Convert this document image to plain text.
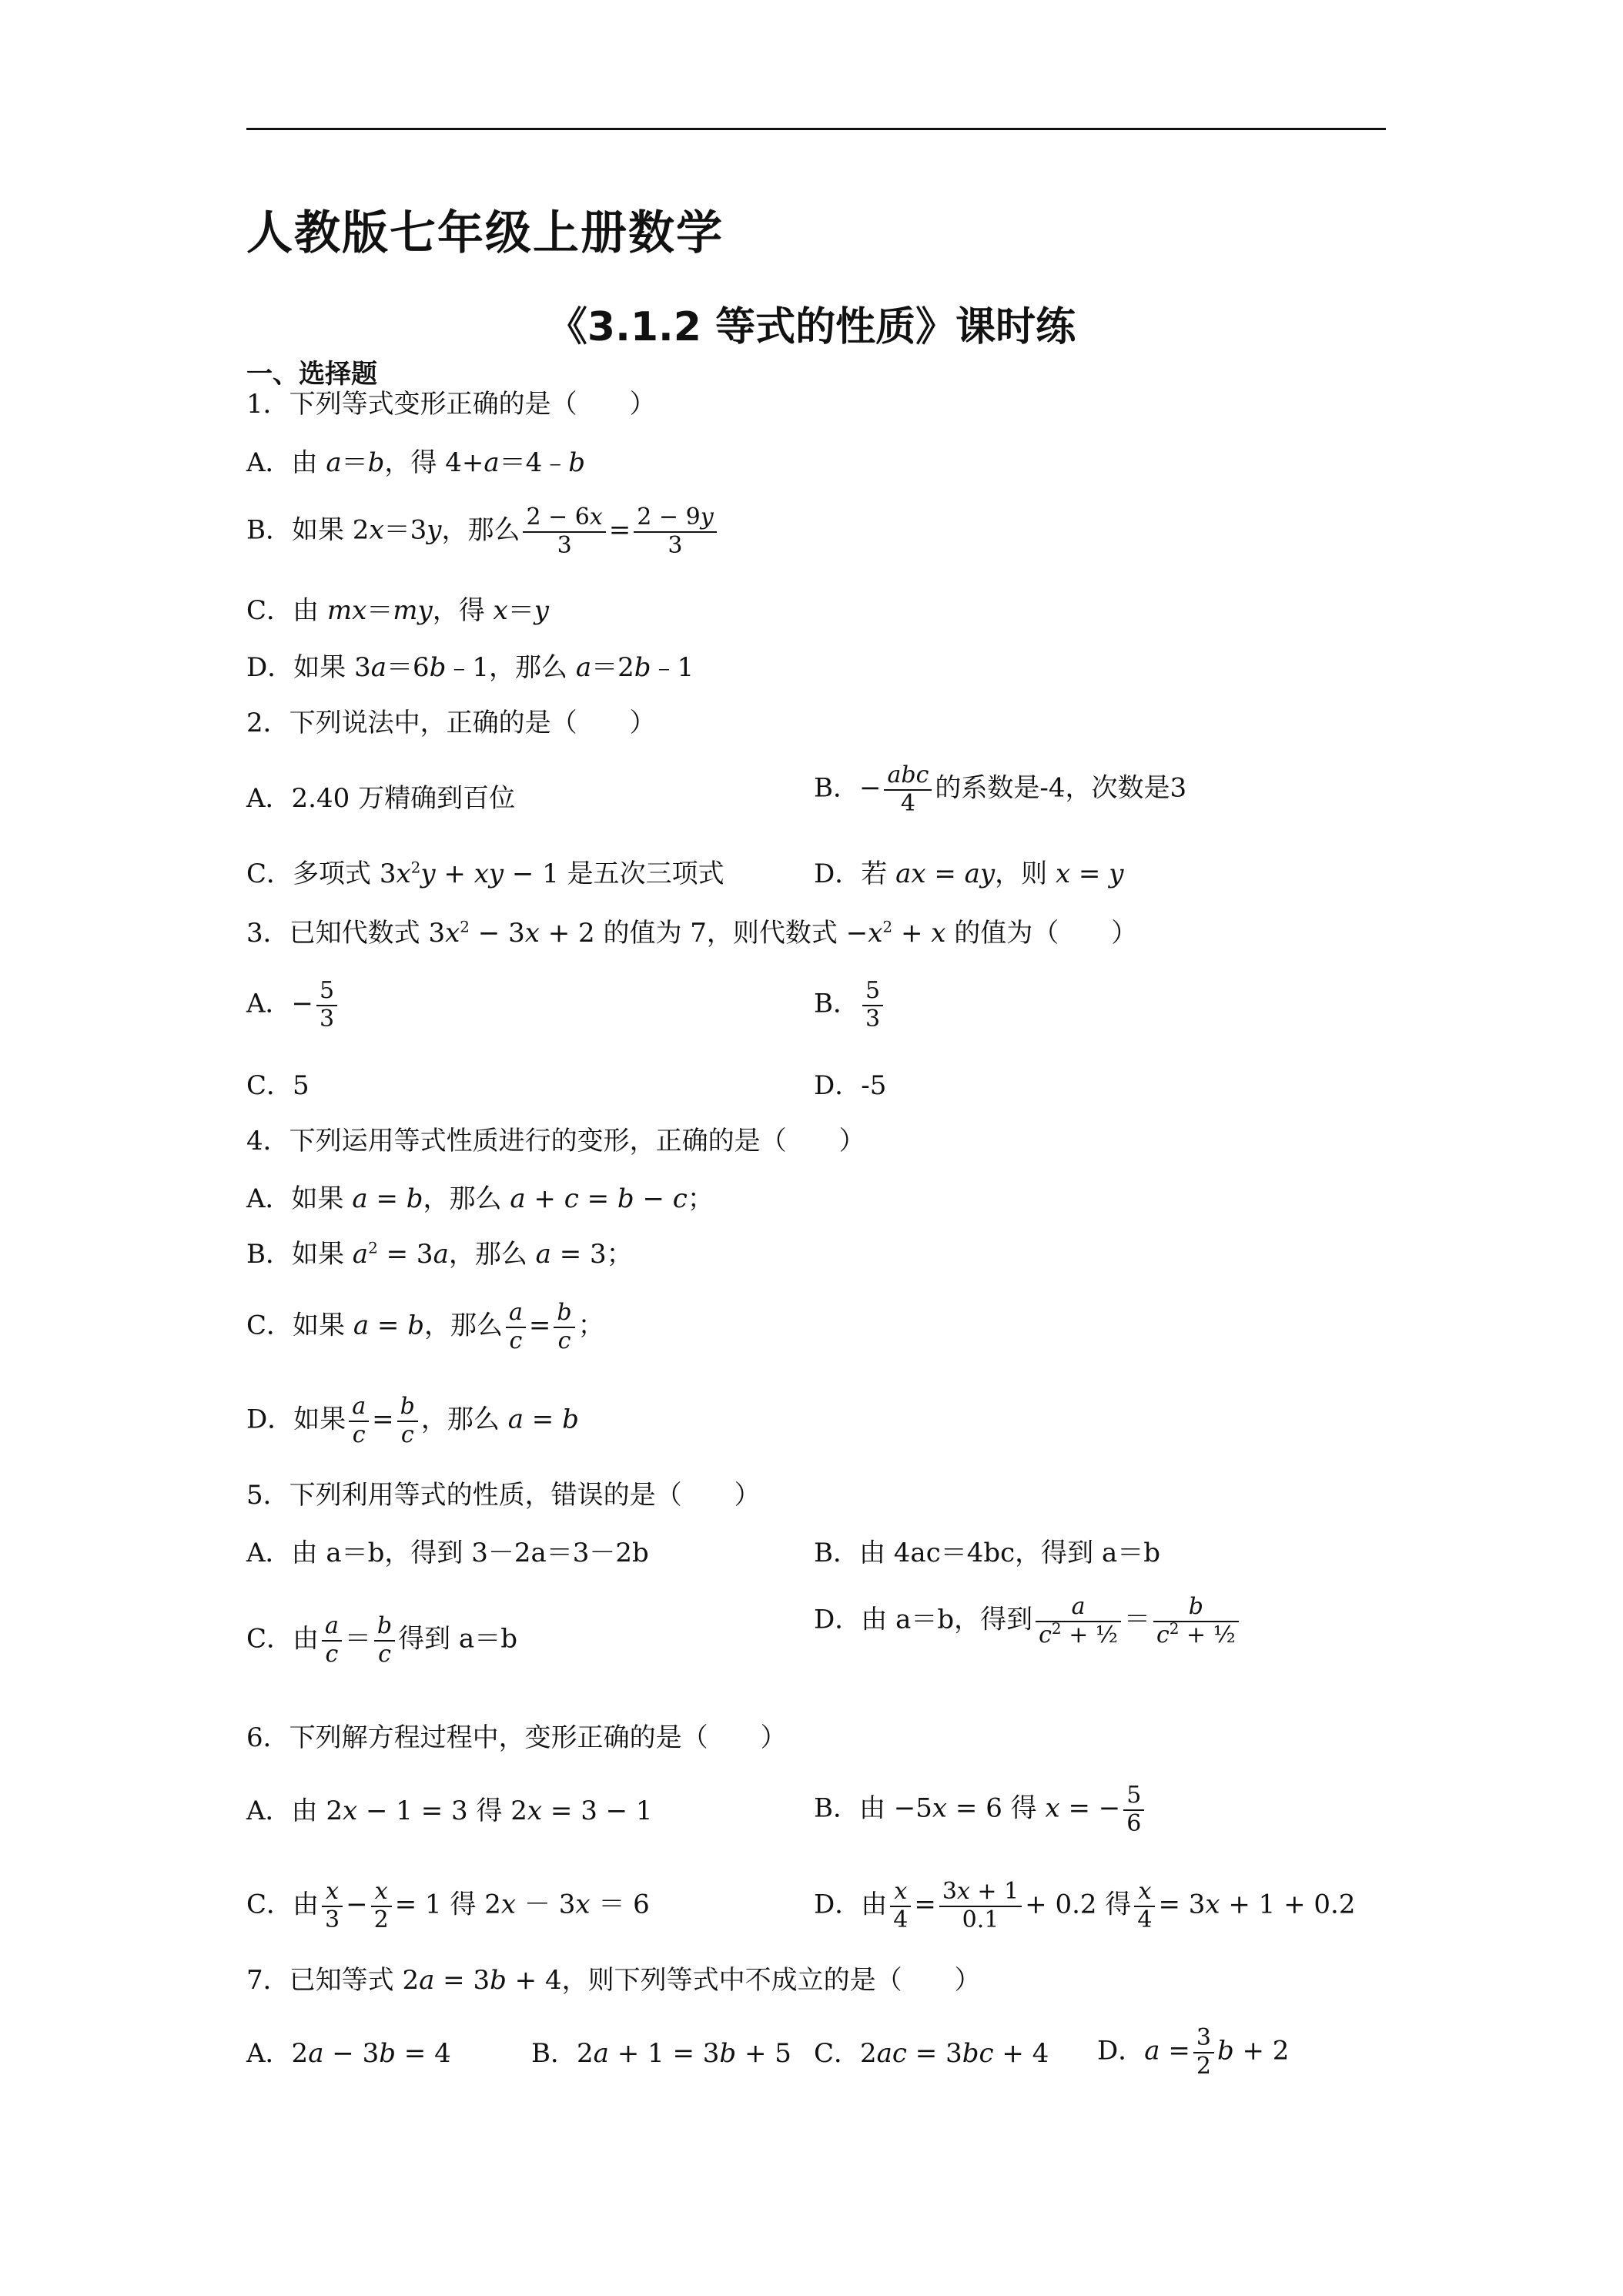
人教版七年级上册数学
《3.1.2 等式的性质》课时练
一、选择题
1．下列等式变形正确的是（　　）
A．由 a＝b，得 4+a＝4﹣b
B．如果 2x＝3y，那么 $\frac{2 - 6x}{3} = \frac{2 - 9y}{3}$
C．由 mx＝my，得 x＝y
D．如果 3a＝6b﹣1，那么 a＝2b﹣1
2．下列说法中，正确的是（　　）
A．2.40 万精确到百位	B．− $\frac{\text{abc}}{4}$ 的系数是-4，次数是3
C．多项式 $3x^2y$ + xy − 1 是五次三项式	D．若 ax = ay，则 x = y
3．已知代数式 $3x^2 - 3x + 2$ 的值为 7，则代数式 $-x^2 + x$ 的值为（　　）
A．− $\frac{5}{3}$	B． $\frac{5}{3}$
C．5	D．-5
4．下列运用等式性质进行的变形，正确的是（　　）
A．如果 a = b，那么 a + c = b − c；
B．如果 $a^2 = 3a$，那么 a = 3；
C．如果 a = b，那么 $\frac{a}{c} = \frac{b}{c}$ ；
D．如果 $\frac{a}{c} = \frac{b}{c}$ ，那么 a = b
5．下列利用等式的性质，错误的是（　　）
A．由 a＝b，得到 3－2a＝3－2b	B．由 4ac＝4bc，得到 a＝b
C．由 $\frac{a}{c} = \frac{b}{c}$ 得到 a＝b
D．由 a＝b，得到 $\frac{a}{c^2 + \frac{1}{2}} = \frac{b}{c^2 + \frac{1}{2}}$
6．下列解方程过程中，变形正确的是（　　）
A．由 2x − 1 = 3 得 2x = 3 − 1	B．由 −5x = 6 得 x = − $\frac{5}{6}$
C．由 $\frac{x}{3} - \frac{x}{2} = 1$ 得 2x － 3x ＝ 6	D．由 $\frac{x}{4} = \frac{3x + 1}{0.1} + 0.2$ 得 $\frac{x}{4} = 3x + 1 + 0.2$
7．已知等式 2a = 3b + 4，则下列等式中不成立的是（　　）
A．2a − 3b = 4	B．2a + 1 = 3b + 5 C．2ac = 3bc + 4 D．$a = \frac{3}{2}$ b + 2
